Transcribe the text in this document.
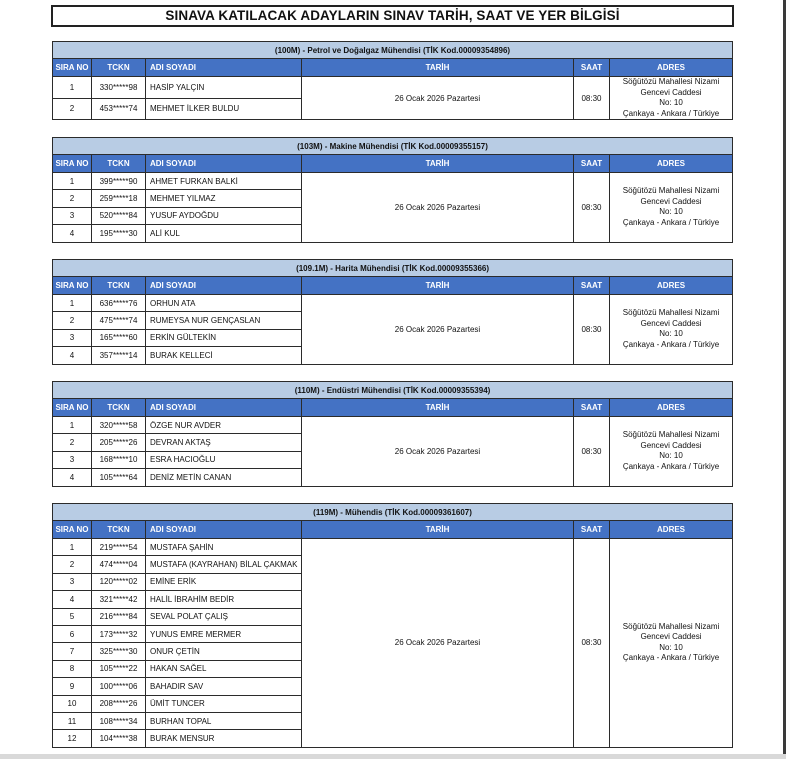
SINAVA KATILACAK ADAYLARIN SINAV TARİH, SAAT VE YER BİLGİSİ
(100M) - Petrol ve Doğalgaz Mühendisi (TİK Kod.00009354896)					
SIRA NO	TCKN	ADI SOYADI	TARİH	SAAT	ADRES
1	330*****98	HASİP YALÇIN	26 Ocak 2026 Pazartesi	08:30	Söğütözü Mahallesi Nizami
Gencevi Caddesi
No: 10
Çankaya - Ankara / Türkiye

2	453*****74	MEHMET İLKER BULDU			
(103M) - Makine Mühendisi (TİK Kod.00009355157)					
SIRA NO	TCKN	ADI SOYADI	TARİH	SAAT	ADRES
1	399*****90	AHMET FURKAN BALKİ	26 Ocak 2026 Pazartesi	08:30	Söğütözü Mahallesi Nizami
Gencevi Caddesi
No: 10
Çankaya - Ankara / Türkiye

2	259*****18	MEHMET YILMAZ			
3	520*****84	YUSUF AYDOĞDU			
4	195*****30	ALİ KUL			
(109.1M) - Harita Mühendisi (TİK Kod.00009355366)					
SIRA NO	TCKN	ADI SOYADI	TARİH	SAAT	ADRES
1	636*****76	ORHUN ATA	26 Ocak 2026 Pazartesi	08:30	Söğütözü Mahallesi Nizami
Gencevi Caddesi
No: 10
Çankaya - Ankara / Türkiye

2	475*****74	RUMEYSA NUR GENÇASLAN			
3	165*****60	ERKİN GÜLTEKİN			
4	357*****14	BURAK KELLECİ			
(110M) - Endüstri Mühendisi (TİK Kod.00009355394)					
SIRA NO	TCKN	ADI SOYADI	TARİH	SAAT	ADRES
1	320*****58	ÖZGE NUR AVDER	26 Ocak 2026 Pazartesi	08:30	Söğütözü Mahallesi Nizami
Gencevi Caddesi
No: 10
Çankaya - Ankara / Türkiye

2	205*****26	DEVRAN AKTAŞ			
3	168*****10	ESRA HACIOĞLU			
4	105*****64	DENİZ METİN CANAN			
(119M) - Mühendis (TİK Kod.00009361607)					
SIRA NO	TCKN	ADI SOYADI	TARİH	SAAT	ADRES
1	219*****54	MUSTAFA ŞAHİN	26 Ocak 2026 Pazartesi	08:30	Söğütözü Mahallesi Nizami
Gencevi Caddesi
No: 10
Çankaya - Ankara / Türkiye

2	474*****04	MUSTAFA (KAYRAHAN) BİLAL ÇAKMAK			
3	120*****02	EMİNE ERİK			
4	321*****42	HALİL İBRAHİM BEDİR			
5	216*****84	SEVAL POLAT ÇALIŞ			
6	173*****32	YUNUS EMRE MERMER			
7	325*****30	ONUR ÇETİN			
8	105*****22	HAKAN SAĞEL			
9	100*****06	BAHADIR SAV			
10	208*****26	ÜMİT TUNCER			
11	108*****34	BURHAN TOPAL			
12	104*****38	BURAK MENSUR			
